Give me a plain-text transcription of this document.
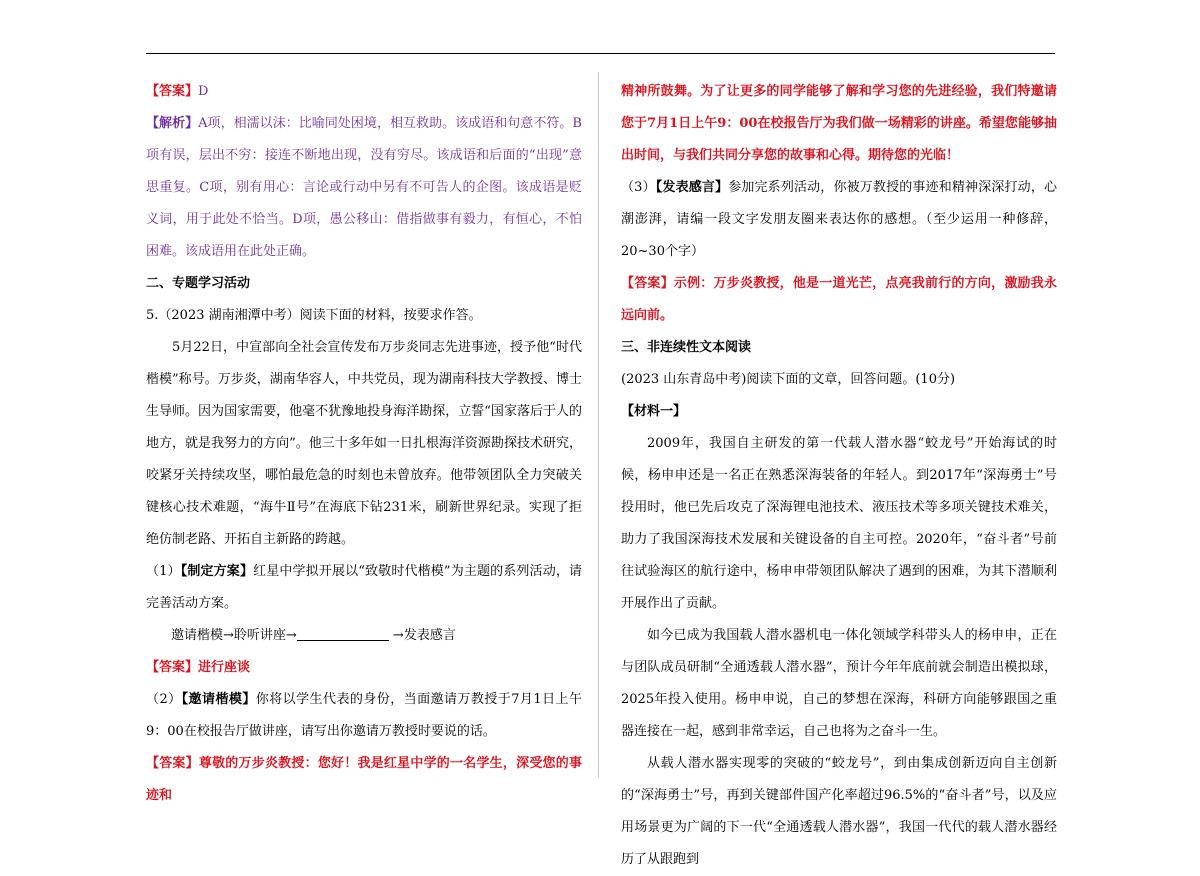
【答案】D

【解析】A项，相濡以沫：比喻同处困境，相互救助。该成语和句意不符。B项有误，层出不穷：接连不断地出现，没有穷尽。该成语和后面的“出现”意思重复。C项，别有用心：言论或行动中另有不可告人的企图。该成语是贬义词，用于此处不恰当。D项，愚公移山：借指做事有毅力，有恒心，不怕困难。该成语用在此处正确。

二、专题学习活动

5.（2023 湖南湘潭中考）阅读下面的材料，按要求作答。

5月22日，中宣部向全社会宣传发布万步炎同志先进事迹，授予他“时代楷模”称号。万步炎，湖南华容人，中共党员，现为湖南科技大学教授、博士生导师。因为国家需要，他毫不犹豫地投身海洋勘探，立誓“国家落后于人的地方，就是我努力的方向”。他三十多年如一日扎根海洋资源勘探技术研究，咬紧牙关持续攻坚，哪怕最危急的时刻也未曾放弃。他带领团队全力突破关键核心技术难题，“海牛Ⅱ号”在海底下钻231米，刷新世界纪录。实现了拒绝仿制老路、开拓自主新路的跨越。

（1）【制定方案】红星中学拟开展以“致敬时代楷模”为主题的系列活动，请完善活动方案。

邀请楷模→聆听讲座→	→发表感言

【答案】进行座谈

（2）【邀请楷模】你将以学生代表的身份，当面邀请万教授于7月1日上午9：00在校报告厅做讲座，请写出你邀请万教授时要说的话。

【答案】尊敬的万步炎教授：您好！我是红星中学的一名学生，深受您的事迹和

精神所鼓舞。为了让更多的同学能够了解和学习您的先进经验，我们特邀请您于7月1日上午9：00在校报告厅为我们做一场精彩的讲座。希望您能够抽出时间，与我们共同分享您的故事和心得。期待您的光临！

（3）【发表感言】参加完系列活动，你被万教授的事迹和精神深深打动，心潮澎湃，请编一段文字发朋友圈来表达你的感想。（至少运用一种修辞，20~30个字）

【答案】示例：万步炎教授，他是一道光芒，点亮我前行的方向，激励我永远向前。

三、非连续性文本阅读

(2023 山东青岛中考)阅读下面的文章，回答问题。(10分)

【材料一】

2009年，我国自主研发的第一代载人潜水器“蛟龙号”开始海试的时候，杨申申还是一名正在熟悉深海装备的年轻人。到2017年“深海勇士”号投用时，他已先后攻克了深海锂电池技术、液压技术等多项关键技术难关，助力了我国深海技术发展和关键设备的自主可控。2020年，“奋斗者”号前往试验海区的航行途中，杨申申带领团队解决了遇到的困难，为其下潜顺利开展作出了贡献。

如今已成为我国载人潜水器机电一体化领域学科带头人的杨申申，正在与团队成员研制“全通透载人潜水器”，预计今年年底前就会制造出模拟球，2025年投入使用。杨申申说，自己的梦想在深海，科研方向能够跟国之重器连接在一起，感到非常幸运，自己也将为之奋斗一生。

从载人潜水器实现零的突破的“蛟龙号”，到由集成创新迈向自主创新的“深海勇士”号，再到关键部件国产化率超过96.5%的“奋斗者”号，以及应用场景更为广阔的下一代“全通透载人潜水器”，我国一代代的载人潜水器经历了从跟跑到
